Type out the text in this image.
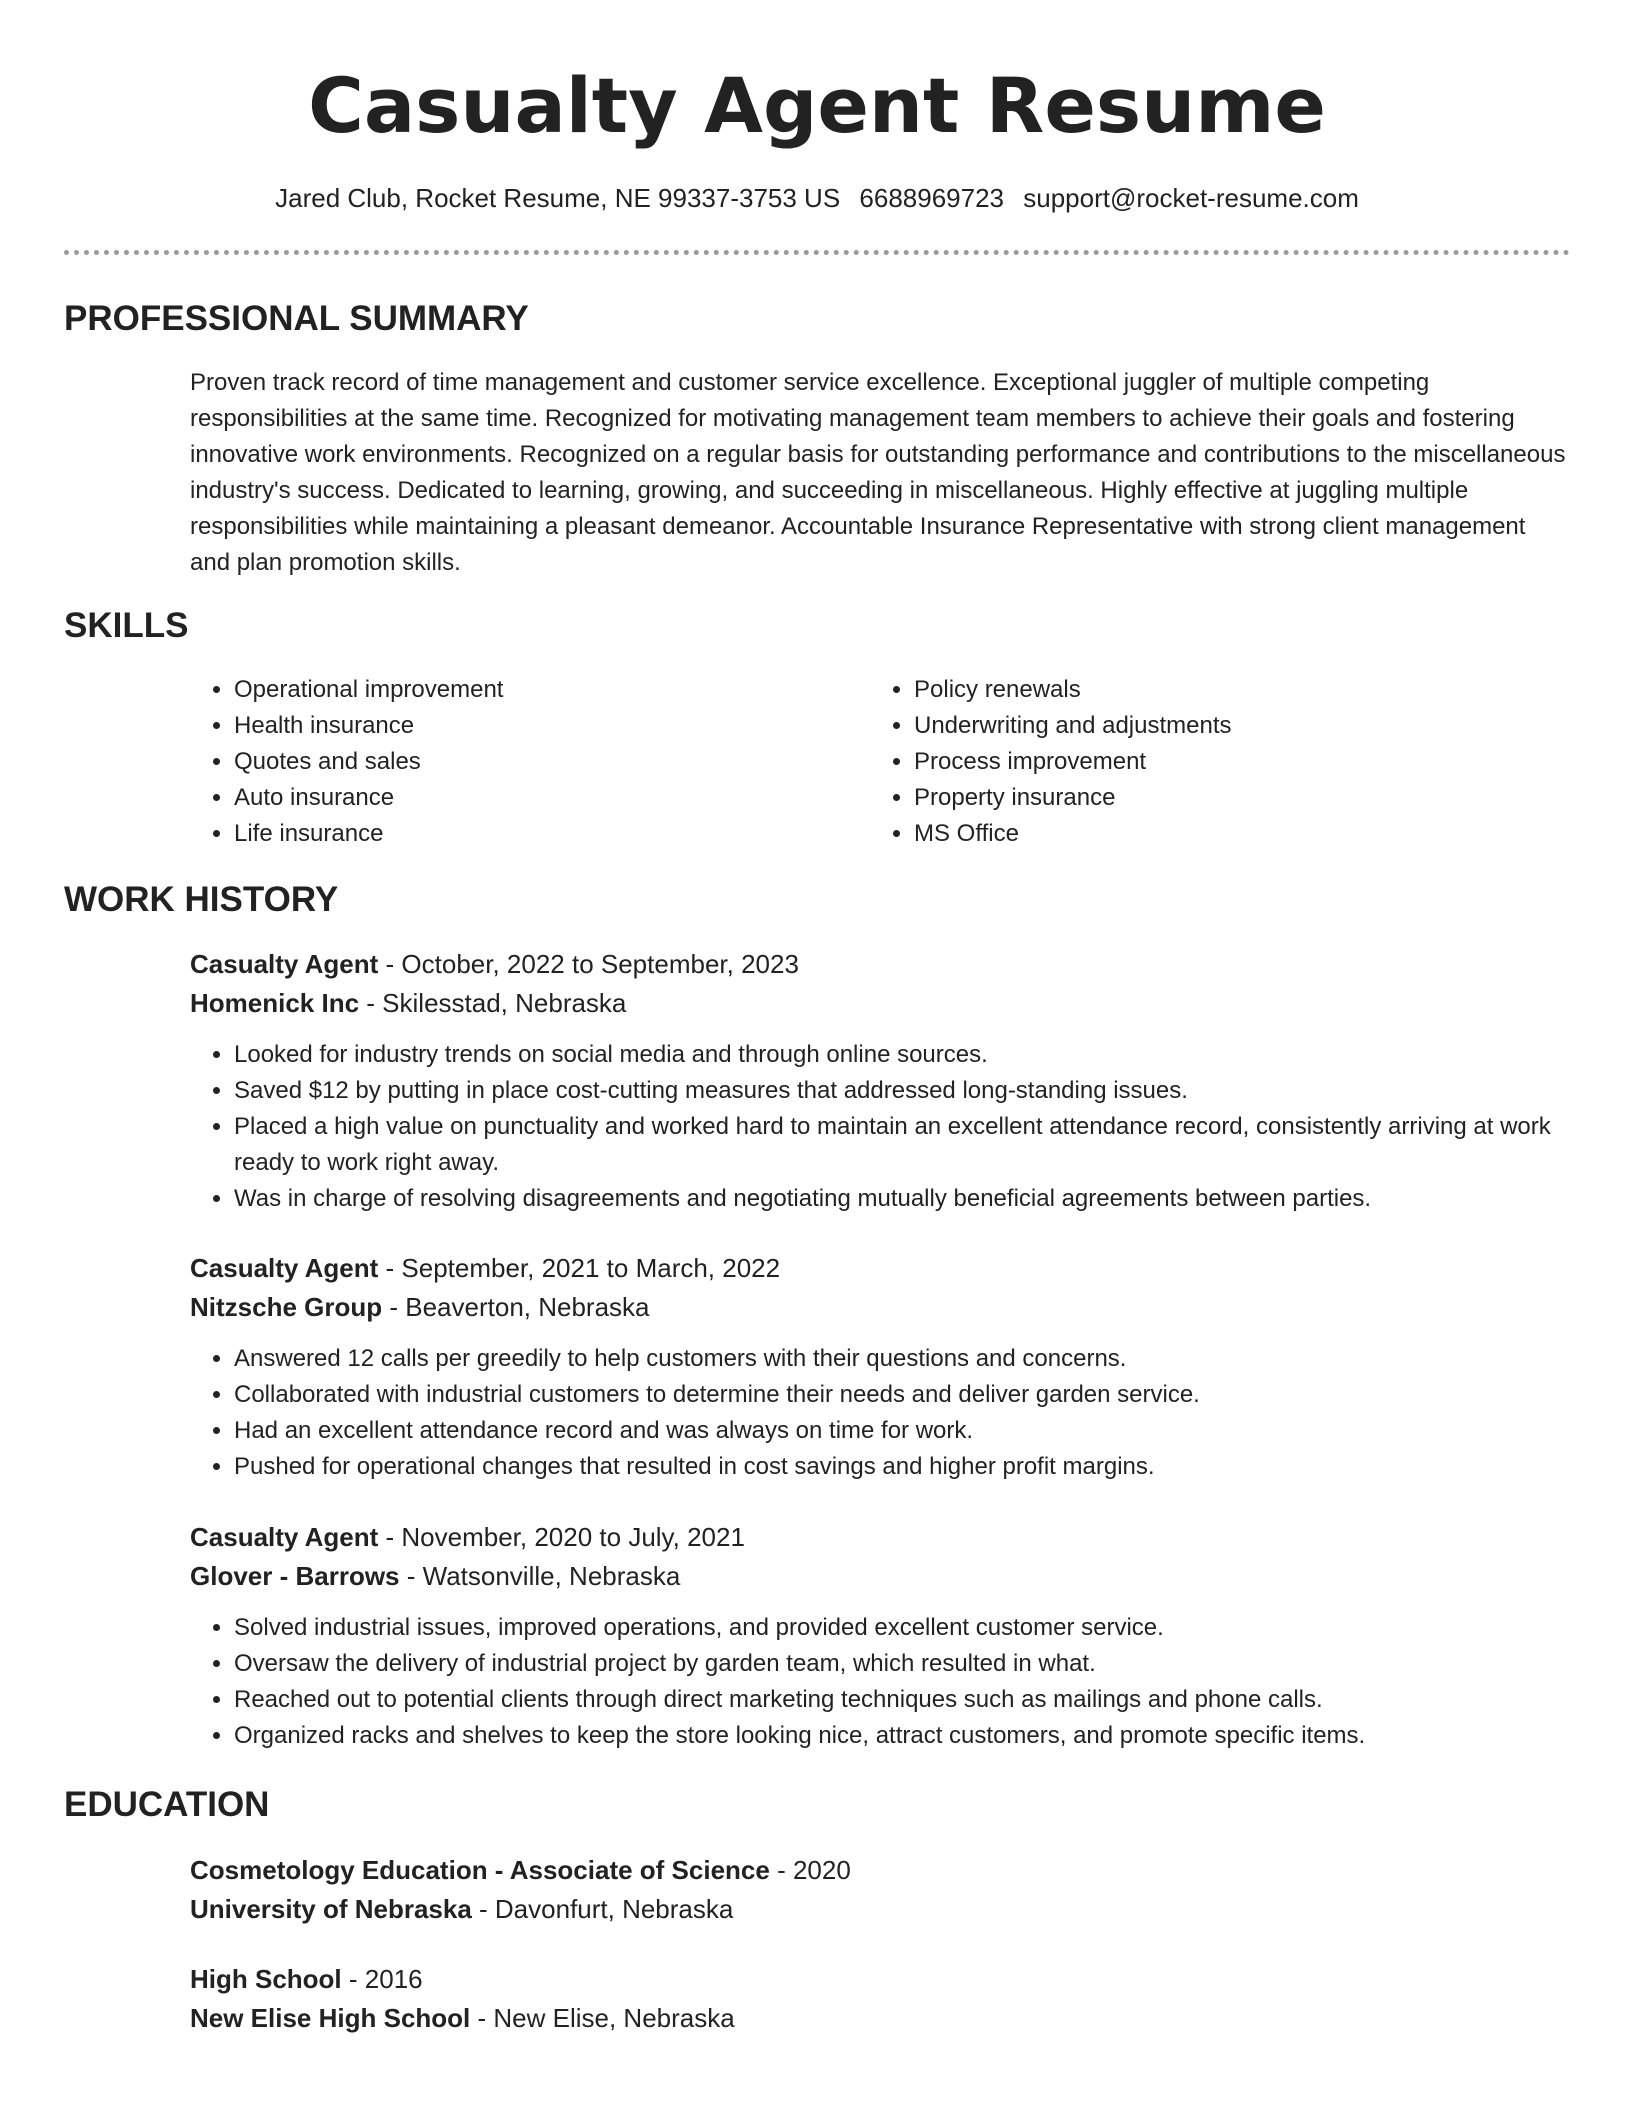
Casualty Agent Resume
Jared Club, Rocket Resume, NE 99337-3753 US 6688969723 support@rocket-resume.com
PROFESSIONAL SUMMARY

Proven track record of time management and customer service excellence. Exceptional juggler of multiple competing responsibilities at the same time. Recognized for motivating management team members to achieve their goals and fostering innovative work environments. Recognized on a regular basis for outstanding performance and contributions to the miscellaneous industry's success. Dedicated to learning, growing, and succeeding in miscellaneous. Highly effective at juggling multiple responsibilities while maintaining a pleasant demeanor. Accountable Insurance Representative with strong client management and plan promotion skills.

SKILLS
• Operational improvement
• Health insurance
• Quotes and sales
• Auto insurance
• Life insurance
• Policy renewals
• Underwriting and adjustments
• Process improvement
• Property insurance
• MS Office
WORK HISTORY

Casualty Agent - October, 2022 to September, 2023

Homenick Inc - Skilesstad, Nebraska

• Looked for industry trends on social media and through online sources.
• Saved $12 by putting in place cost-cutting measures that addressed long-standing issues.
• Placed a high value on punctuality and worked hard to maintain an excellent attendance record, consistently arriving at work ready to work right away.
• Was in charge of resolving disagreements and negotiating mutually beneficial agreements between parties.

Casualty Agent - September, 2021 to March, 2022

Nitzsche Group - Beaverton, Nebraska

• Answered 12 calls per greedily to help customers with their questions and concerns.
• Collaborated with industrial customers to determine their needs and deliver garden service.
• Had an excellent attendance record and was always on time for work.
• Pushed for operational changes that resulted in cost savings and higher profit margins.

Casualty Agent - November, 2020 to July, 2021

Glover - Barrows - Watsonville, Nebraska

• Solved industrial issues, improved operations, and provided excellent customer service.
• Oversaw the delivery of industrial project by garden team, which resulted in what.
• Reached out to potential clients through direct marketing techniques such as mailings and phone calls.
• Organized racks and shelves to keep the store looking nice, attract customers, and promote specific items.
EDUCATION

Cosmetology Education - Associate of Science - 2020

University of Nebraska - Davonfurt, Nebraska

High School - 2016

New Elise High School - New Elise, Nebraska
